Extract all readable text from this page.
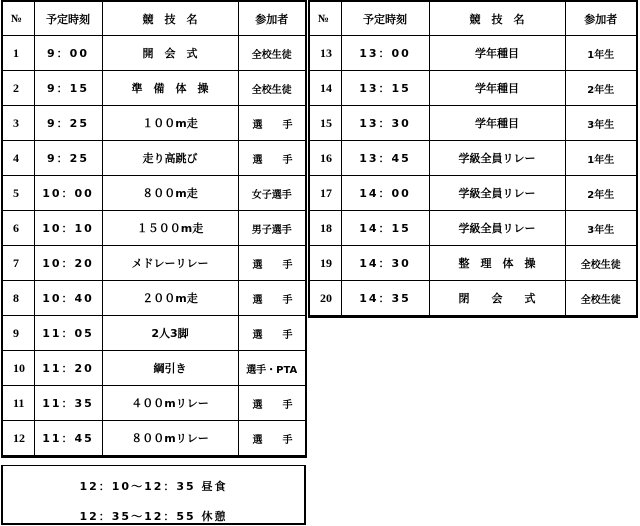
№	予定時刻	競　技　名	参加者
1	9：00	開　会　式	全校生徒
2	9：15	準　備　体　操	全校生徒
3	9：25	１００m走	選　　手
4	9：25	走り高跳び	選　　手
5	10：00	８００m走	女子選手
6	10：10	１５００m走	男子選手
7	10：20	メドレーリレー	選　　手
8	10：40	２００m走	選　　手
9	11：05	2人3脚	選　　手
10	11：20	綱引き	選手・PTA
11	11：35	４００mリレー	選　　手
12	11：45	８００mリレー	選　　手
№	予定時刻	競　技　名	参加者
13	13：00	学年種目	1年生
14	13：15	学年種目	2年生
15	13：30	学年種目	3年生
16	13：45	学級全員リレー	1年生
17	14：00	学級全員リレー	2年生
18	14：15	学級全員リレー	3年生
19	14：30	整　理　体　操	全校生徒
20	14：35	閉　　会　　式	全校生徒
12：10～12：35 昼食
12：35～12：55 休憩
